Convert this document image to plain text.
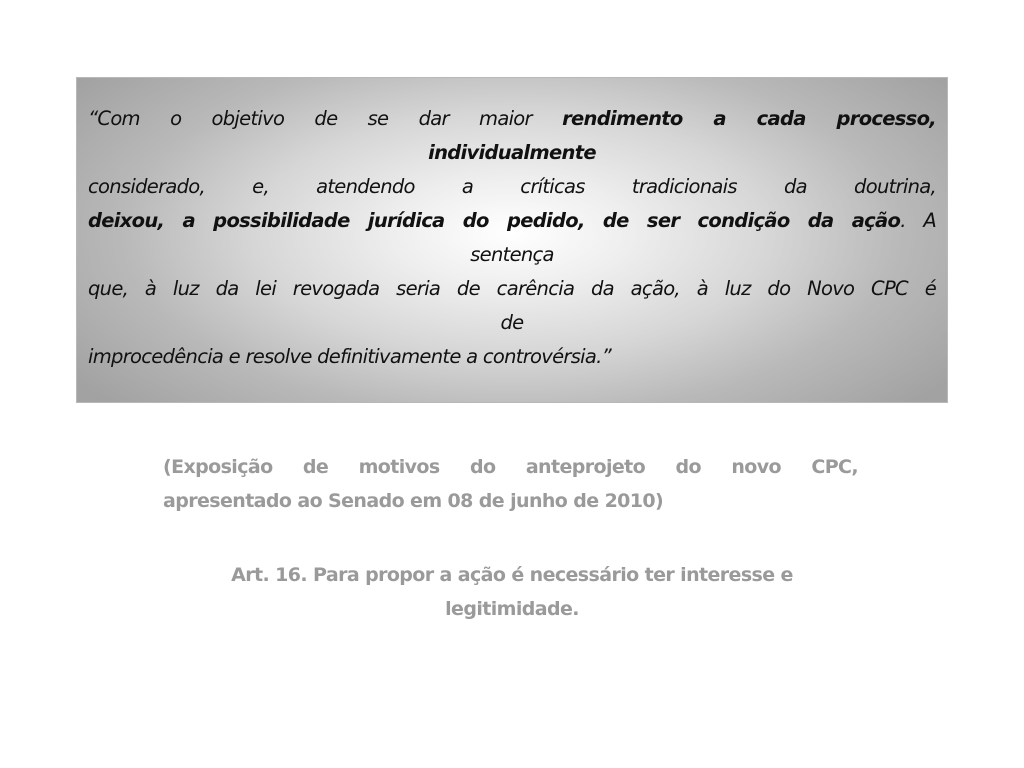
“Com o objetivo de se dar maior rendimento a cada processo,
individualmente
considerado, e, atendendo a críticas tradicionais da doutrina,
deixou, a possibilidade jurídica do pedido, de ser condição da ação. A
sentença
que, à luz da lei revogada seria de carência da ação, à luz do Novo CPC é
de
improcedência e resolve definitivamente a controvérsia.”
(Exposição de motivos do anteprojeto do novo CPC,
apresentado ao Senado em 08 de junho de 2010)
Art. 16. Para propor a ação é necessário ter interesse e
legitimidade.
